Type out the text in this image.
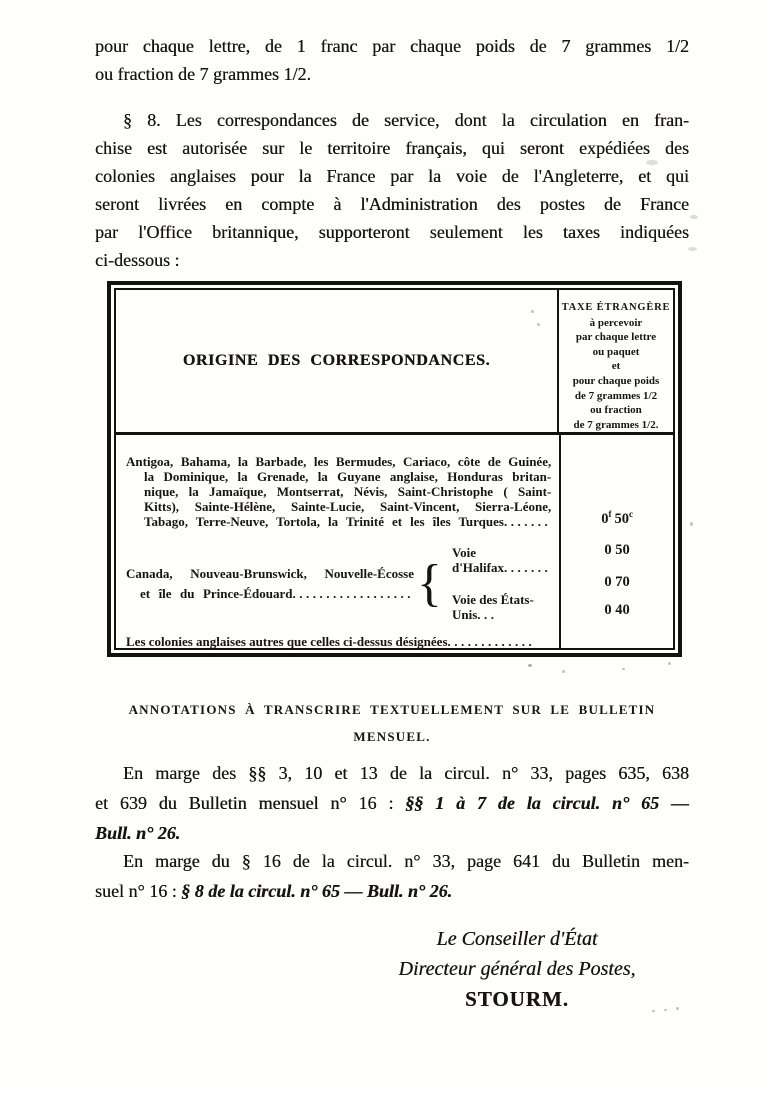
pour chaque lettre, de 1 franc par chaque poids de 7 grammes 1/2
ou fraction de 7 grammes 1/2.
§ 8. Les correspondances de service, dont la circulation en fran-
chise est autorisée sur le territoire français, qui seront expédiées des
colonies anglaises pour la France par la voie de l'Angleterre, et qui
seront livrées en compte à l'Administration des postes de France
par l'Office britannique, supporteront seulement les taxes indiquées
ci-dessous :
ORIGINE DES CORRESPONDANCES.
TAXE ÉTRANGÈRE
à percevoir
par chaque lettre
ou paquet
et
pour chaque poids
de 7 grammes 1/2
ou fraction
de 7 grammes 1/2.
Antigoa, Bahama, la Barbade, les Bermudes, Cariaco, côte de Guinée,
la Dominique, la Grenade, la Guyane anglaise, Honduras britan-
nique, la Jamaïque, Montserrat, Névis, Saint-Christophe ( Saint-
Kitts), Sainte-Hélène, Sainte-Lucie, Saint-Vincent, Sierra-Léone,
Tabago, Terre-Neuve, Tortola, la Trinité et les îles Turques.......
Canada, Nouveau-Brunswick, Nouvelle-Écosse
et île du Prince-Édouard.................. {
Voie d'Halifax.......
Voie des États-Unis...
Les colonies anglaises autres que celles ci-dessus désignées.............
0$^f$  50$^c$
0 50
0 70
0 40
ANNOTATIONS À TRANSCRIRE TEXTUELLEMENT SUR LE BULLETIN
MENSUEL.
En marge des §§ 3, 10 et 13 de la circul. n° 33, pages 635, 638
et 639 du Bulletin mensuel n° 16 : §§ 1 à 7 de la circul. n° 65 —
Bull. n° 26.
En marge du § 16 de la circul. n° 33, page 641 du Bulletin men-
suel n° 16 : § 8 de la circul. n° 65 — Bull. n° 26.
Le Conseiller d'État
Directeur général des Postes,
STOURM.
